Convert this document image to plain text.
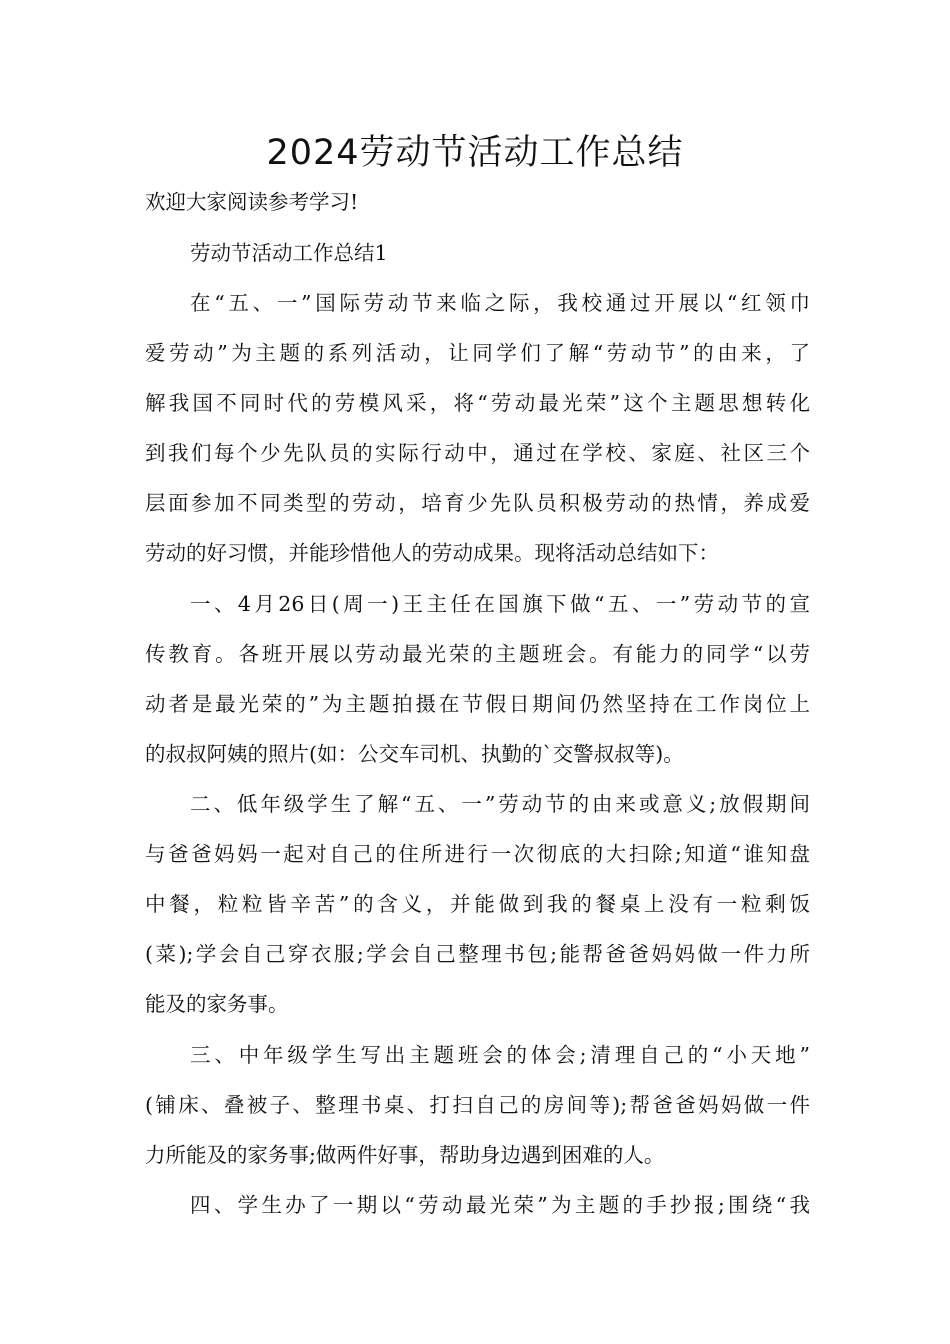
2024劳动节活动工作总结
欢迎大家阅读参考学习!
劳动节活动工作总结1
在“五、一”国际劳动节来临之际，我校通过开展以“红领巾
爱劳动”为主题的系列活动，让同学们了解“劳动节”的由来，了
解我国不同时代的劳模风采，将“劳动最光荣”这个主题思想转化
到我们每个少先队员的实际行动中，通过在学校、家庭、社区三个
层面参加不同类型的劳动，培育少先队员积极劳动的热情，养成爱
劳动的好习惯，并能珍惜他人的劳动成果。现将活动总结如下：
一、4月26日(周一)王主任在国旗下做“五、一”劳动节的宣
传教育。各班开展以劳动最光荣的主题班会。有能力的同学“以劳
动者是最光荣的”为主题拍摄在节假日期间仍然坚持在工作岗位上
的叔叔阿姨的照片(如：公交车司机、执勤的`交警叔叔等)。
二、低年级学生了解“五、一”劳动节的由来或意义;放假期间
与爸爸妈妈一起对自己的住所进行一次彻底的大扫除;知道“谁知盘
中餐，粒粒皆辛苦”的含义，并能做到我的餐桌上没有一粒剩饭
(菜);学会自己穿衣服;学会自己整理书包;能帮爸爸妈妈做一件力所
能及的家务事。
三、中年级学生写出主题班会的体会;清理自己的“小天地”
(铺床、叠被子、整理书桌、打扫自己的房间等);帮爸爸妈妈做一件
力所能及的家务事;做两件好事，帮助身边遇到困难的人。
四、学生办了一期以“劳动最光荣”为主题的手抄报;围绕“我
